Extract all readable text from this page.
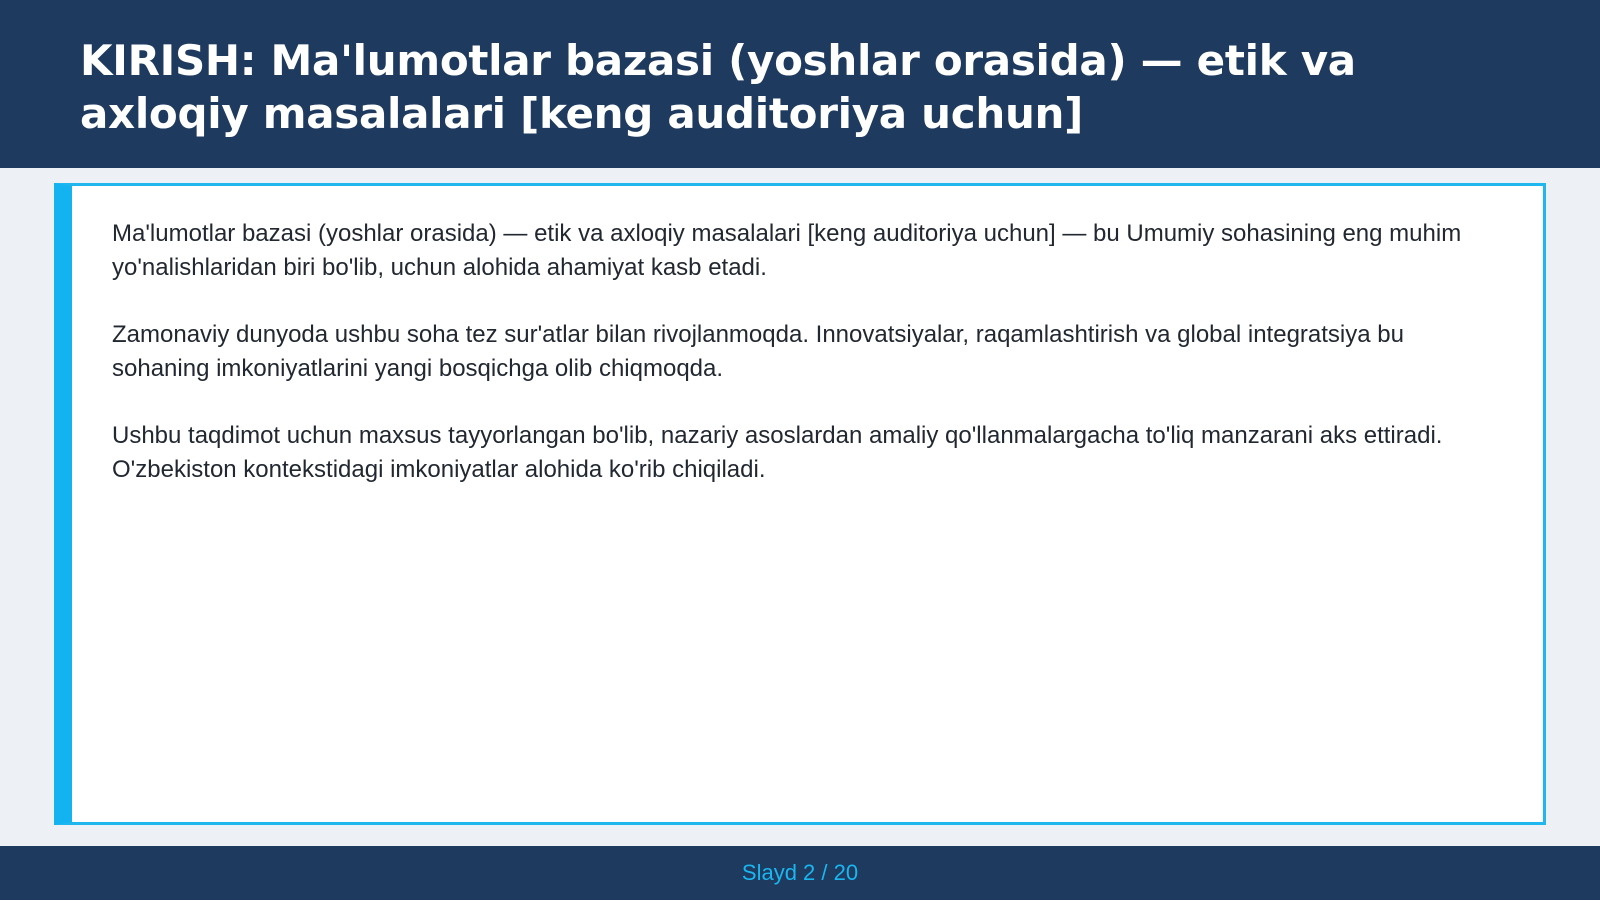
KIRISH: Ma'lumotlar bazasi (yoshlar orasida) — etik va axloqiy masalalari [keng auditoriya uchun]

Ma'lumotlar bazasi (yoshlar orasida) — etik va axloqiy masalalari [keng auditoriya uchun] — bu Umumiy sohasining eng muhim yo'nalishlaridan biri bo'lib, uchun alohida ahamiyat kasb etadi.

Zamonaviy dunyoda ushbu soha tez sur'atlar bilan rivojlanmoqda. Innovatsiyalar, raqamlashtirish va global integratsiya bu sohaning imkoniyatlarini yangi bosqichga olib chiqmoqda.

Ushbu taqdimot uchun maxsus tayyorlangan bo'lib, nazariy asoslardan amaliy qo'llanmalargacha to'liq manzarani aks ettiradi. O'zbekiston kontekstidagi imkoniyatlar alohida ko'rib chiqiladi.

Slayd 2 / 20
